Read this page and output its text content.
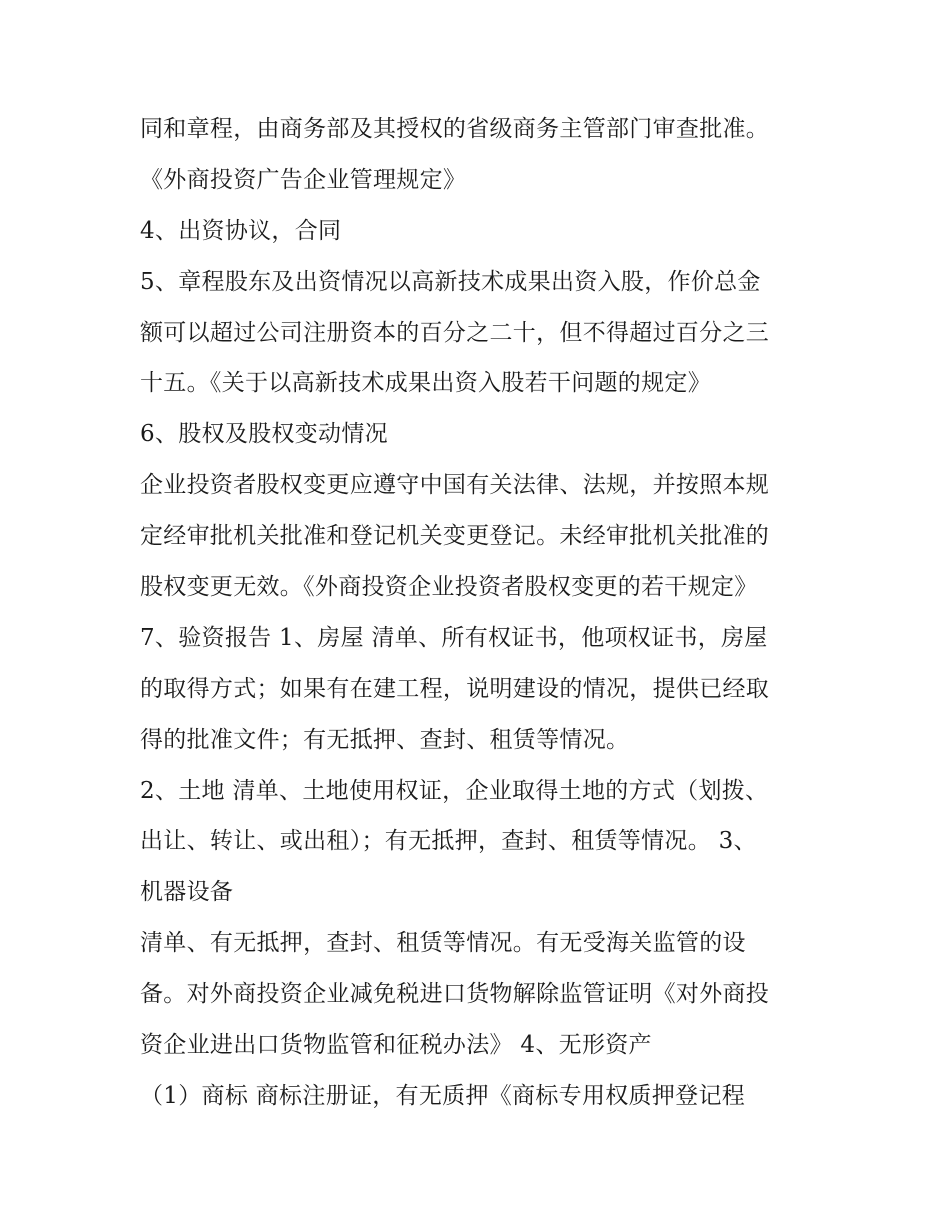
同和章程，由商务部及其授权的省级商务主管部门审查批准。
《外商投资广告企业管理规定》
4、出资协议，合同
5、章程股东及出资情况以高新技术成果出资入股，作价总金
额可以超过公司注册资本的百分之二十，但不得超过百分之三
十五。《关于以高新技术成果出资入股若干问题的规定》
6、股权及股权变动情况
企业投资者股权变更应遵守中国有关法律、法规，并按照本规
定经审批机关批准和登记机关变更登记。未经审批机关批准的
股权变更无效。《外商投资企业投资者股权变更的若干规定》
7、验资报告 1、房屋 清单、所有权证书，他项权证书，房屋
的取得方式；如果有在建工程，说明建设的情况，提供已经取
得的批准文件；有无抵押、查封、租赁等情况。
2、土地 清单、土地使用权证，企业取得土地的方式（划拨、
出让、转让、或出租）；有无抵押，查封、租赁等情况。 3、
机器设备
清单、有无抵押，查封、租赁等情况。有无受海关监管的设
备。对外商投资企业减免税进口货物解除监管证明《对外商投
资企业进出口货物监管和征税办法》 4、无形资产
（1）商标 商标注册证，有无质押《商标专用权质押登记程
